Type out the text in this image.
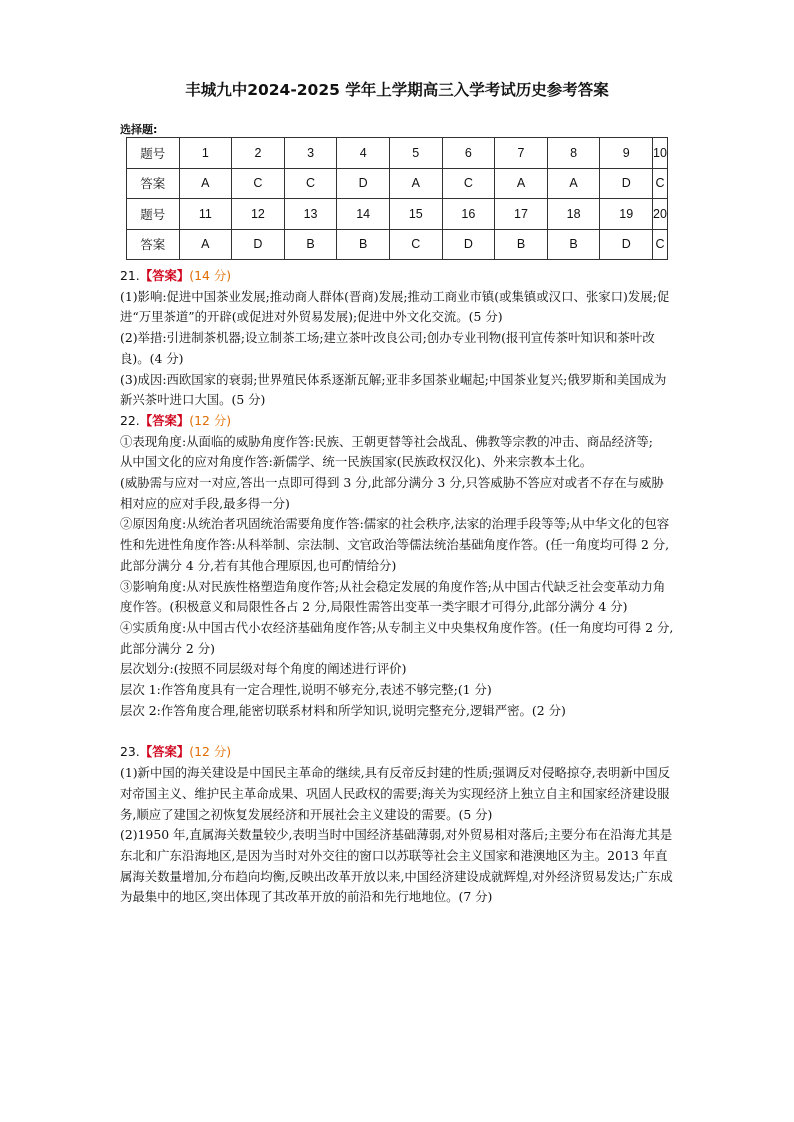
丰城九中2024-2025 学年上学期高三入学考试历史参考答案
选择题:
题号	1	2	3	4	5	6	7	8	9	10
答案	A	C	C	D	A	C	A	A	D	C
题号	11	12	13	14	15	16	17	18	19	20
答案	A	D	B	B	C	D	B	B	D	C

21.【答案】(14 分)

(1)影响:促进中国茶业发展;推动商人群体(晋商)发展;推动工商业市镇(或集镇或汉口、张家口)发展;促进“万里茶道”的开辟(或促进对外贸易发展);促进中外文化交流。(5 分)

(2)举措:引进制茶机器;设立制茶工场;建立茶叶改良公司;创办专业刊物(报刊宣传茶叶知识和茶叶改良)。(4 分)

(3)成因:西欧国家的衰弱;世界殖民体系逐渐瓦解;亚非多国茶业崛起;中国茶业复兴;俄罗斯和美国成为新兴茶叶进口大国。(5 分)

22.【答案】(12 分)

①表现角度:从面临的威胁角度作答:民族、王朝更替等社会战乱、佛教等宗教的冲击、商品经济等;

从中国文化的应对角度作答:新儒学、统一民族国家(民族政权汉化)、外来宗教本土化。

(威胁需与应对一对应,答出一点即可得到 3 分,此部分满分 3 分,只答威胁不答应对或者不存在与威胁相对应的应对手段,最多得一分)

②原因角度:从统治者巩固统治需要角度作答:儒家的社会秩序,法家的治理手段等等;从中华文化的包容性和先进性角度作答:从科举制、宗法制、文官政治等儒法统治基础角度作答。(任一角度均可得 2 分,此部分满分 4 分,若有其他合理原因,也可酌情给分)

③影响角度:从对民族性格塑造角度作答;从社会稳定发展的角度作答;从中国古代缺乏社会变革动力角度作答。(积极意义和局限性各占 2 分,局限性需答出变革一类字眼才可得分,此部分满分 4 分)

④实质角度:从中国古代小农经济基础角度作答;从专制主义中央集权角度作答。(任一角度均可得 2 分,此部分满分 2 分)

层次划分:(按照不同层级对每个角度的阐述进行评价)

层次 1:作答角度具有一定合理性,说明不够充分,表述不够完整;(1 分)

层次 2:作答角度合理,能密切联系材料和所学知识,说明完整充分,逻辑严密。(2 分)

23.【答案】(12 分)

(1)新中国的海关建设是中国民主革命的继续,具有反帝反封建的性质;强调反对侵略掠夺,表明新中国反对帝国主义、维护民主革命成果、巩固人民政权的需要;海关为实现经济上独立自主和国家经济建设服务,顺应了建国之初恢复发展经济和开展社会主义建设的需要。(5 分)

(2)1950 年,直属海关数量较少,表明当时中国经济基础薄弱,对外贸易相对落后;主要分布在沿海尤其是东北和广东沿海地区,是因为当时对外交往的窗口以苏联等社会主义国家和港澳地区为主。2013 年直属海关数量增加,分布趋向均衡,反映出改革开放以来,中国经济建设成就辉煌,对外经济贸易发达;广东成为最集中的地区,突出体现了其改革开放的前沿和先行地地位。(7 分)
